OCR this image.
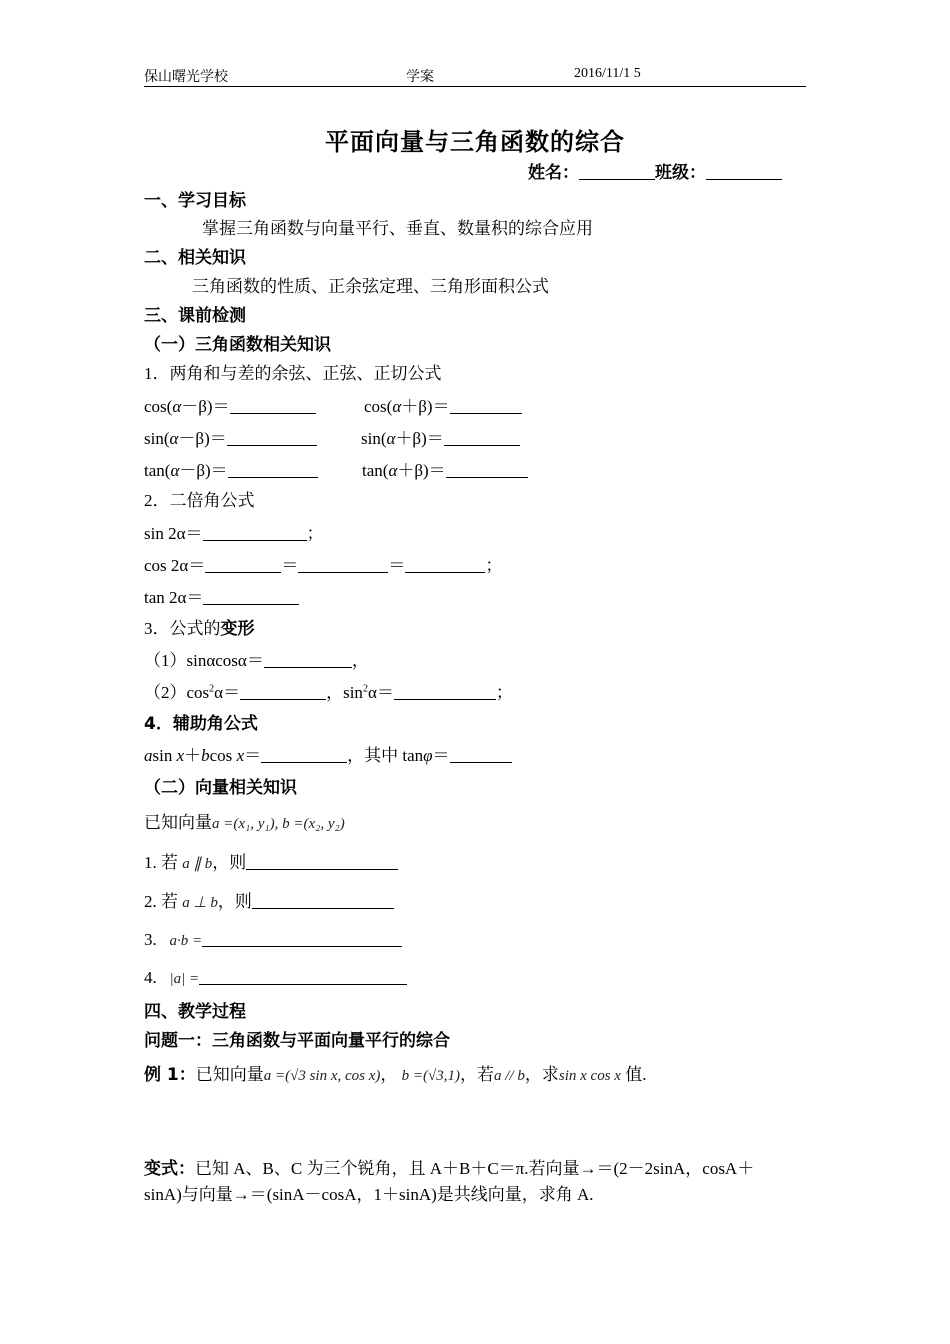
保山曙光学校	学案	2016/11/1 5
平面向量与三角函数的综合
姓名：	班级：
一、学习目标
掌握三角函数与向量平行、垂直、数量积的综合应用
二、相关知识
三角函数的性质、正余弦定理、三角形面积公式
三、课前检测
（一）三角函数相关知识
1．两角和与差的余弦、正弦、正切公式
cos(α－β)＝	cos(α＋β)＝
sin(α－β)＝	sin(α＋β)＝
tan(α－β)＝	tan(α＋β)＝
2．二倍角公式
sin 2α＝	；
cos 2α＝	＝	＝	；
tan 2α＝
3．公式的变形
（1）sinαcosα＝	，
$(2)\cos^2\alpha=$	，$\sin^2\alpha=$	；
4．辅助角公式
asin x＋bcos x＝	，其中 tanφ＝
（二）向量相关知识
已知向量a =(x₁, y₁), b =(x₂, y₂)
1. 若 a ∥ b，则
2. 若 a ⊥ b，则
3. a·b =
4. |a| =
四、教学过程
问题一：三角函数与平面向量平行的综合
例 1：已知向量a =(√3 sin x, cos x)， b =(√3,1)，若a // b，求sin x cos x 值.
变式：已知 A、B、C 为三个锐角，且 A＋B＋C＝π.若向量→＝(2－2sinA，cosA＋
sinA)与向量→＝(sinA－cosA，1＋sinA)是共线向量，求角 A.
